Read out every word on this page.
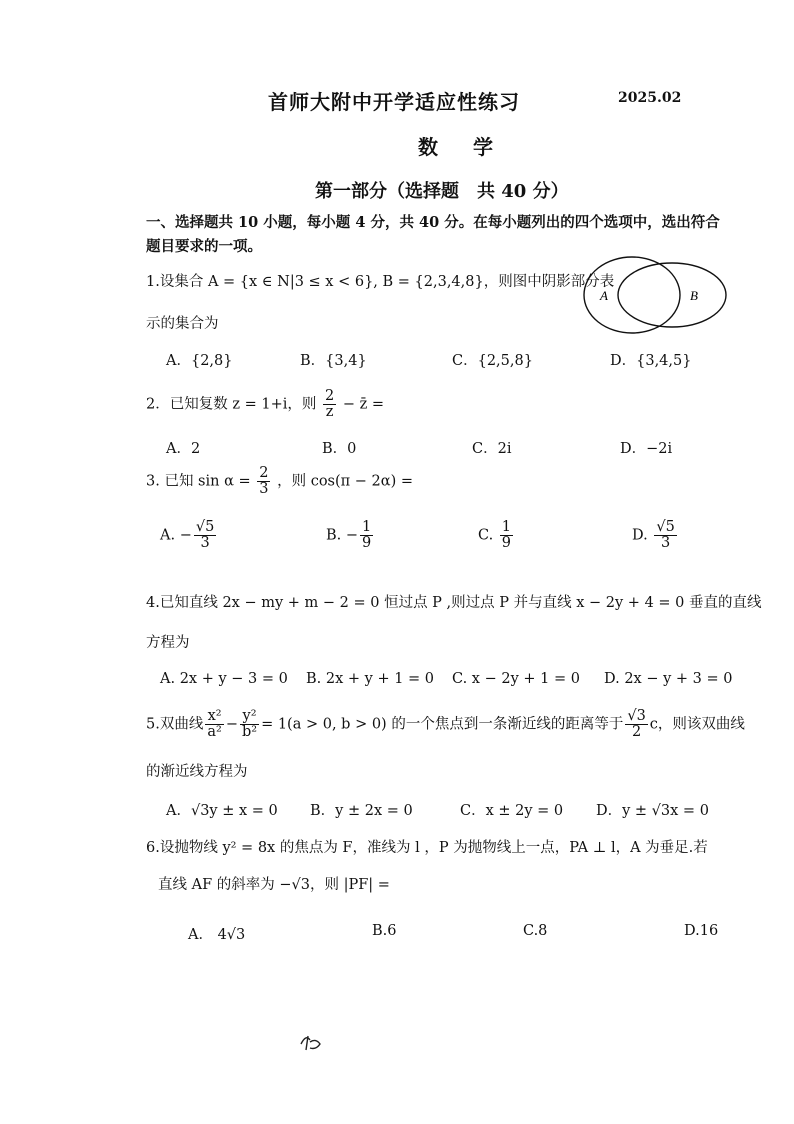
首师大附中开学适应性练习	2025.02
数 学
第一部分（选择题　共 40 分）
一、选择题共 10 小题，每小题 4 分，共 40 分。在每小题列出的四个选项中，选出符合
题目要求的一项。
A	B
1.设集合 A = {x ∈ N|3 ≤ x < 6}, B = {2,3,4,8}，则图中阴影部分表
示的集合为
A．{2,8}	B．{3,4}	C．{2,5,8}	D．{3,4,5}
2．已知复数 z = 1+i，则 $\frac{2}{z}$ − z̄ =
A．2	B．0	C．2i	D．−2i
3. 已知 $\sin \alpha = \frac{2}{3}$ ，则 cos(π − 2α) =
A. − $\frac{√5}{3}$	B. − $\frac{1}{9}$	C. $\frac{1}{9}$	D. $\frac{√5}{3}$
4.已知直线 2x − my + m − 2 = 0 恒过点 P ,则过点 P 并与直线 x − 2y + 4 = 0 垂直的直线
方程为
A. 2x + y − 3 = 0 B. 2x + y + 1 = 0 C. x − 2y + 1 = 0 D. 2x − y + 3 = 0
5.双曲线 $\frac{\text{x²}}{\text{a²}} - \frac{\text{y²}}{\text{b²}} = 1(a > 0$, b > 0) 的一个焦点到一条渐近线的距离等于 $\frac{√3}{2}$ c，则该双曲线
的渐近线方程为
A．√3y ± x = 0 B．y ± 2x = 0	C．x ± 2y = 0 D．y ± √3x = 0
6.设抛物线 y² = 8x 的焦点为 F，准线为 l ，P 为抛物线上一点，PA ⊥ l，A 为垂足.若
直线 AF 的斜率为 −√3，则 |PF| =
A． 4√3	B.6	C.8	D.16
